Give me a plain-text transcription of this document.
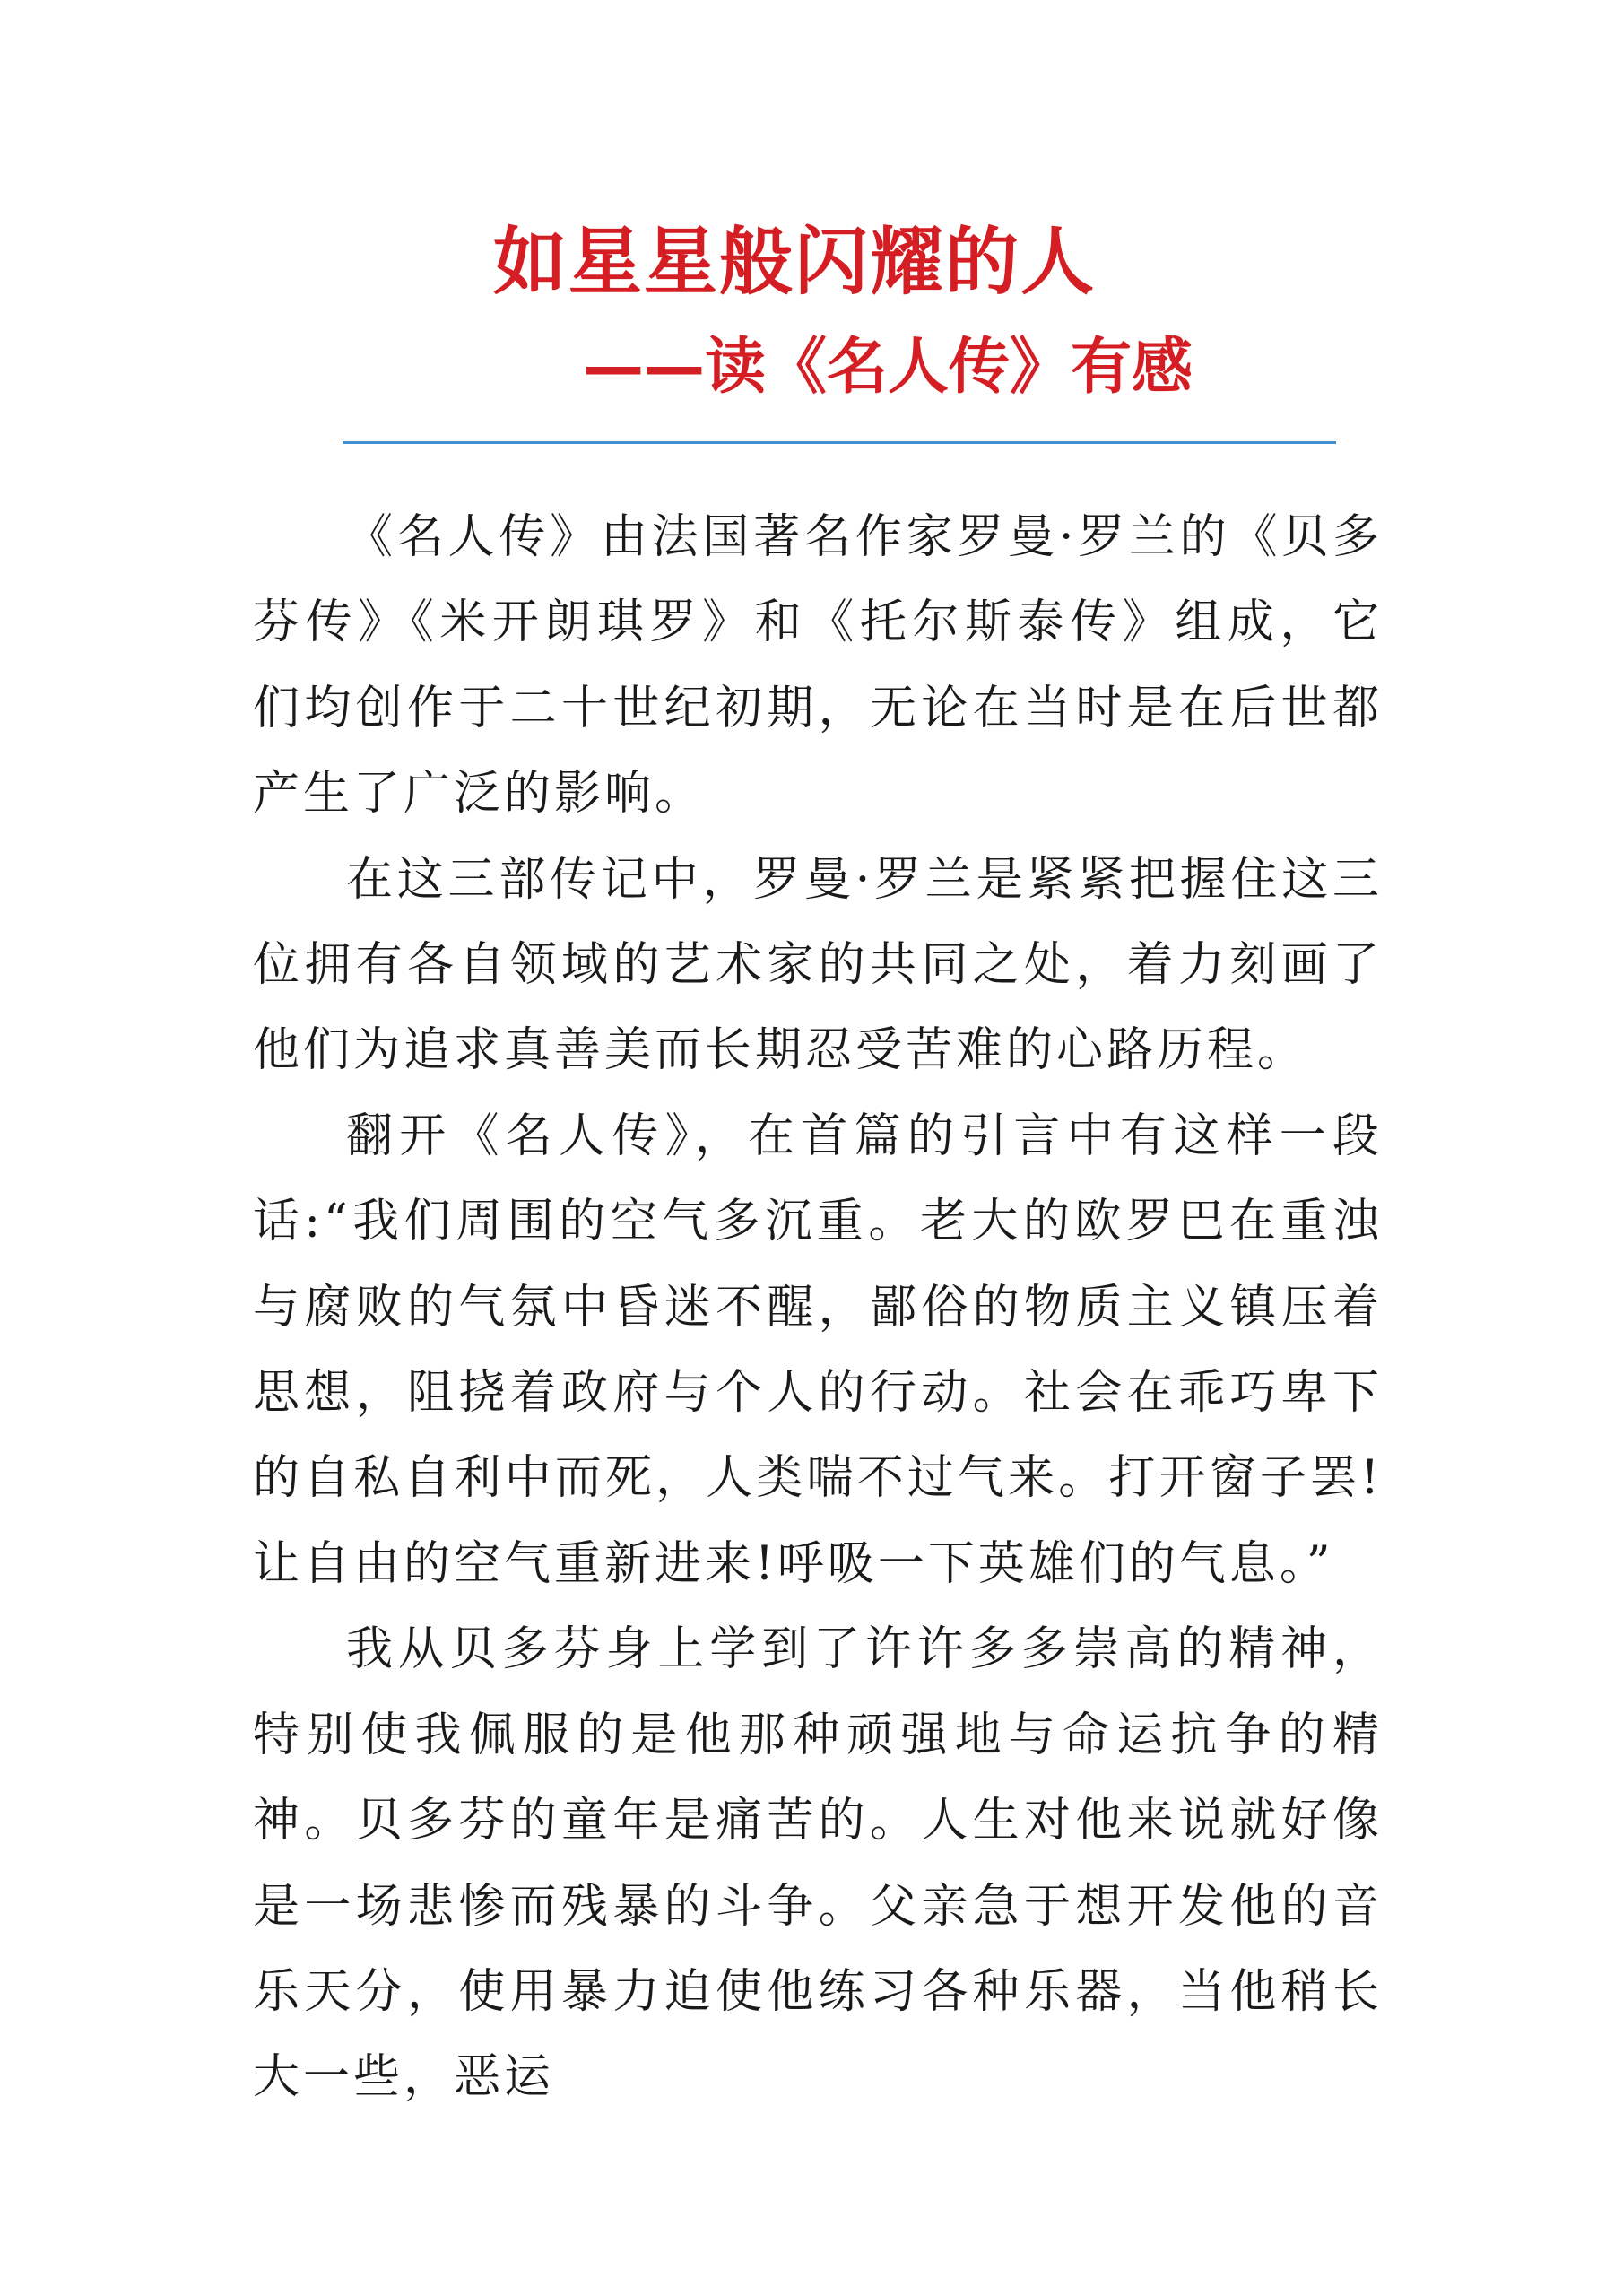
如星星般闪耀的人
——读《名人传》有感

《名人传》由法国著名作家罗曼·罗兰的《贝多芬传》《米开朗琪罗》和《托尔斯泰传》组成，它们均创作于二十世纪初期，无论在当时是在后世都产生了广泛的影响。

在这三部传记中，罗曼·罗兰是紧紧把握住这三位拥有各自领域的艺术家的共同之处，着力刻画了他们为追求真善美而长期忍受苦难的心路历程。

翻开《名人传》，在首篇的引言中有这样一段话:“我们周围的空气多沉重。老大的欧罗巴在重浊与腐败的气氛中昏迷不醒，鄙俗的物质主义镇压着思想，阻挠着政府与个人的行动。社会在乖巧卑下的自私自利中而死，人类喘不过气来。打开窗子罢!让自由的空气重新进来!呼吸一下英雄们的气息。”

我从贝多芬身上学到了许许多多崇高的精神，特别使我佩服的是他那种顽强地与命运抗争的精神。贝多芬的童年是痛苦的。人生对他来说就好像是一场悲惨而残暴的斗争。父亲急于想开发他的音乐天分，使用暴力迫使他练习各种乐器，当他稍长大一些，恶运
